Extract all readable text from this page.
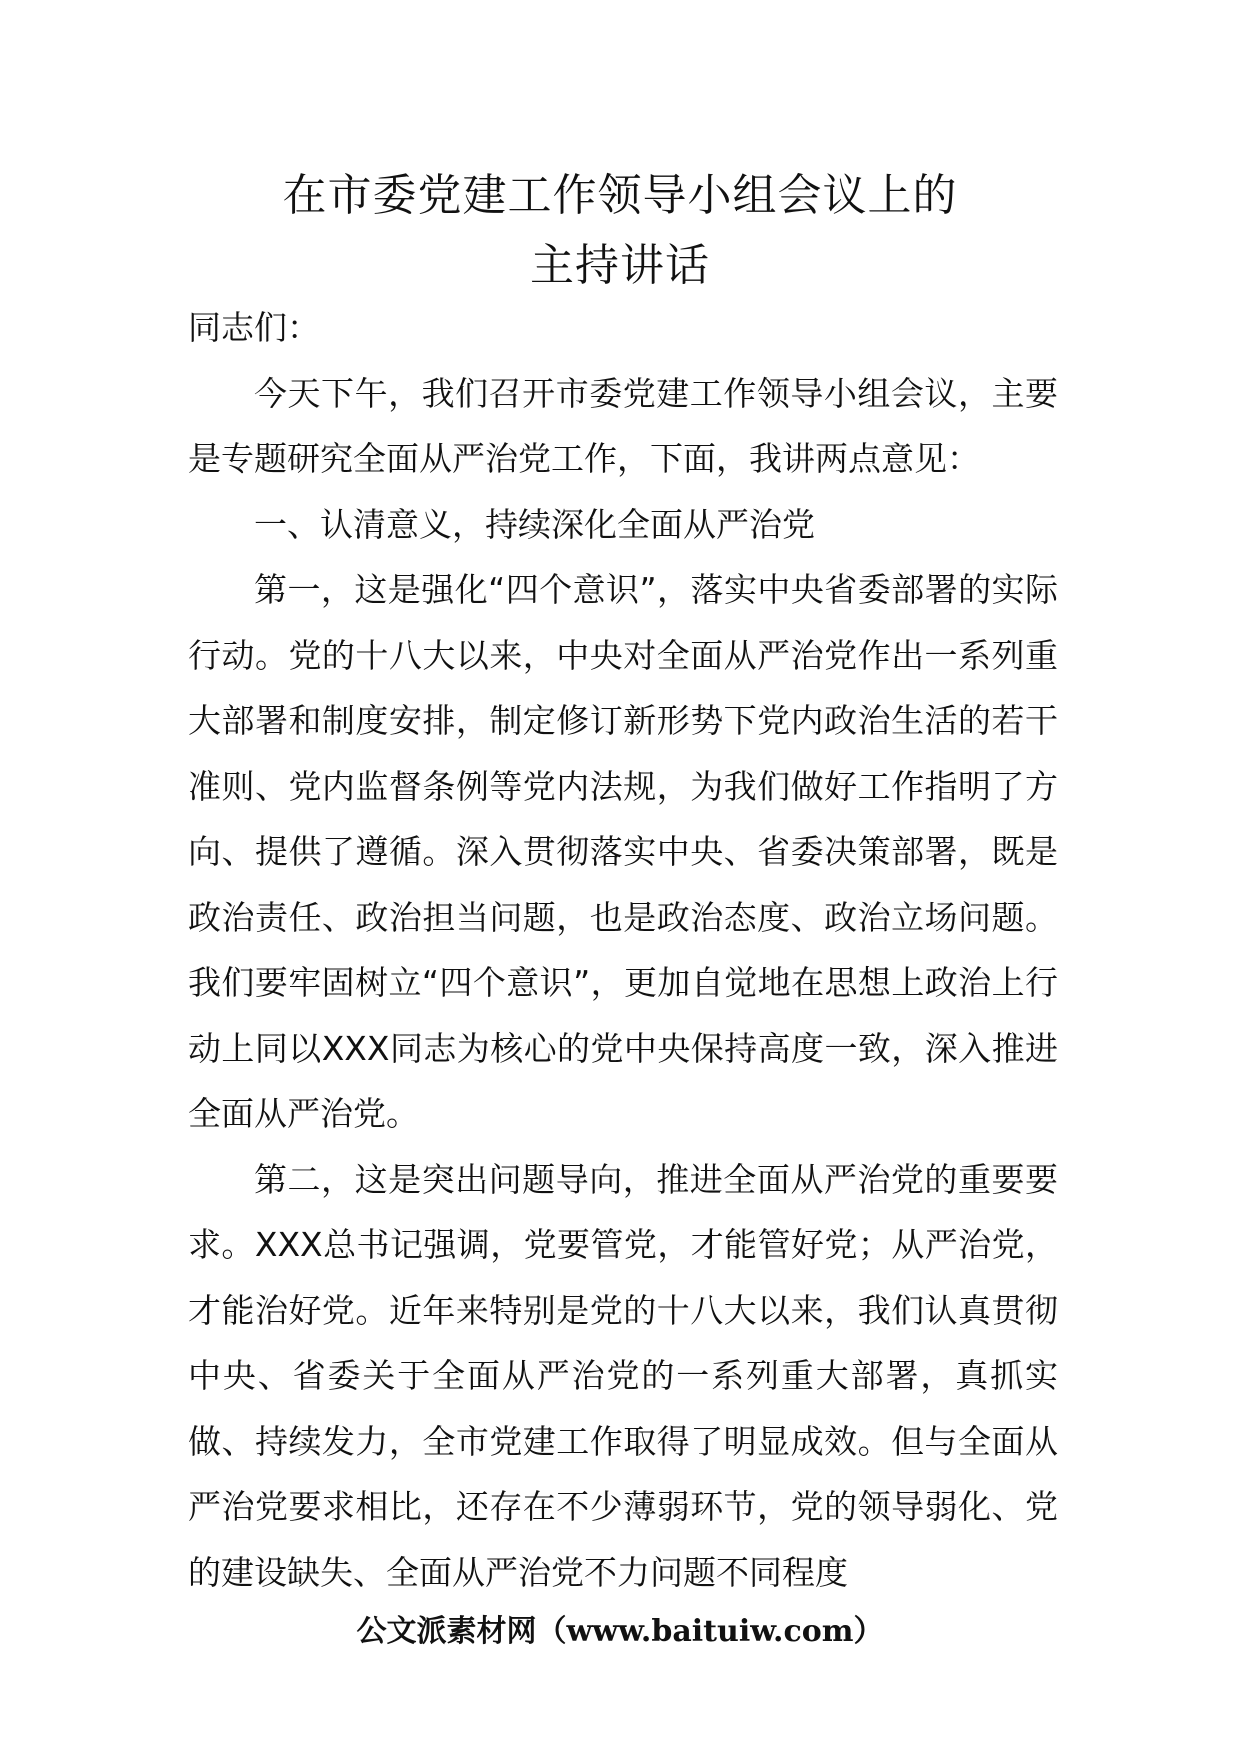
在市委党建工作领导小组会议上的
主持讲话

同志们：

今天下午，我们召开市委党建工作领导小组会议，主要是专题研究全面从严治党工作，下面，我讲两点意见：

一、认清意义，持续深化全面从严治党

第一，这是强化“四个意识”，落实中央省委部署的实际行动。党的十八大以来，中央对全面从严治党作出一系列重大部署和制度安排，制定修订新形势下党内政治生活的若干准则、党内监督条例等党内法规，为我们做好工作指明了方向、提供了遵循。深入贯彻落实中央、省委决策部署，既是政治责任、政治担当问题，也是政治态度、政治立场问题。我们要牢固树立“四个意识”，更加自觉地在思想上政治上行动上同以XXX同志为核心的党中央保持高度一致，深入推进全面从严治党。

第二，这是突出问题导向，推进全面从严治党的重要要求。XXX总书记强调，党要管党，才能管好党；从严治党，才能治好党。近年来特别是党的十八大以来，我们认真贯彻中央、省委关于全面从严治党的一系列重大部署，真抓实做、持续发力，全市党建工作取得了明显成效。但与全面从严治党要求相比，还存在不少薄弱环节，党的领导弱化、党的建设缺失、全面从严治党不力问题不同程度

公文派素材网（www.baituiw.com）
